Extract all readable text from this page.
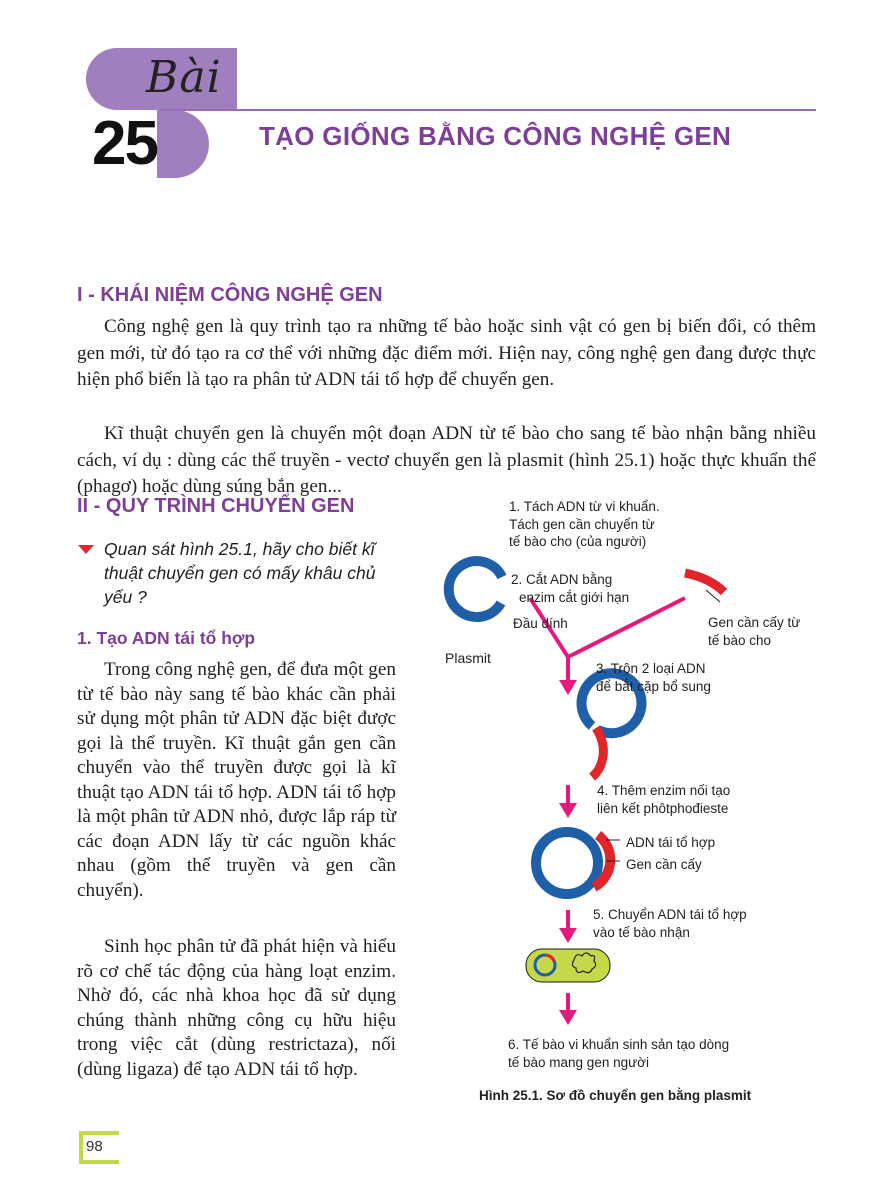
Bài
25	TẠO GIỐNG BẰNG CÔNG NGHỆ GEN
I - KHÁI NIỆM CÔNG NGHỆ GEN
Công nghệ gen là quy trình tạo ra những tế bào hoặc sinh vật có gen bị biến đổi, có thêm gen mới, từ đó tạo ra cơ thể với những đặc điểm mới. Hiện nay, công nghệ gen đang được thực hiện phổ biến là tạo ra phân tử ADN tái tổ hợp để chuyển gen.
Kĩ thuật chuyển gen là chuyển một đoạn ADN từ tế bào cho sang tế bào nhận bằng nhiều cách, ví dụ : dùng các thể truyền - vectơ chuyển gen là plasmit (hình 25.1) hoặc thực khuẩn thể (phagơ) hoặc dùng súng bắn gen...
II - QUY TRÌNH CHUYỂN GEN
Quan sát hình 25.1, hãy cho biết kĩ thuật chuyển gen có mấy khâu chủ yếu ?
1. Tạo ADN tái tổ hợp
Trong công nghệ gen, để đưa một gen từ tế bào này sang tế bào khác cần phải sử dụng một phân tử ADN đặc biệt được gọi là thể truyền. Kĩ thuật gắn gen cần chuyển vào thể truyền được gọi là kĩ thuật tạo ADN tái tổ hợp. ADN tái tổ hợp là một phân tử ADN nhỏ, được lắp ráp từ các đoạn ADN lấy từ các nguồn khác nhau (gồm thể truyền và gen cần chuyển).
Sinh học phân tử đã phát hiện và hiểu rõ cơ chế tác động của hàng loạt enzim. Nhờ đó, các nhà khoa học đã sử dụng chúng thành những công cụ hữu hiệu trong việc cắt (dùng restrictaza), nối (dùng ligaza) để tạo ADN tái tổ hợp.
1. Tách ADN từ vi khuẩn.
Tách gen cần chuyển từ
tế bào cho (của người)
2. Cắt ADN bằng
enzim cắt giới hạn
Đầu dính
Plasmit
Gen cần cấy từ
tế bào cho
3. Trộn 2 loại ADN
để bắt cặp bổ sung
4. Thêm enzim nối tạo
liên kết phôtphođieste
ADN tái tổ hợp
Gen cần cấy
5. Chuyển ADN tái tổ hợp
vào tế bào nhận
6. Tế bào vi khuẩn sinh sản tạo dòng
tế bào mang gen người
Hình 25.1. Sơ đồ chuyển gen bằng plasmit
98
